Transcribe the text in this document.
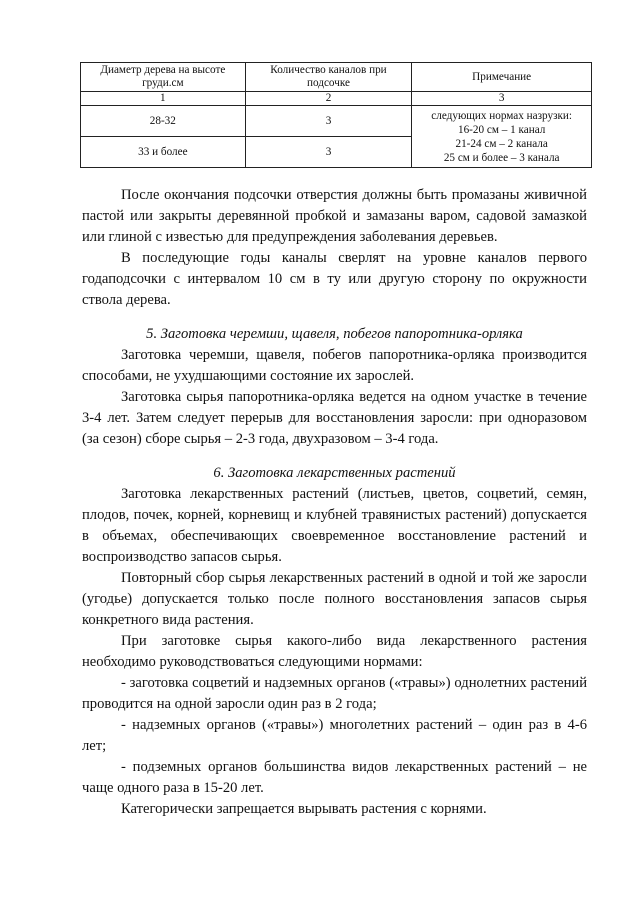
Диаметр дерева на высоте груди.см	Количество каналов при подсочке	Примечание
1	2	3
28-32	3	следующих нормах назрузки:
16-20 см – 1 канал
21-24 см – 2 канала
25 см и более – 3 канала

33 и более	3	

После окончания подсочки отверстия должны быть промазаны живичной пастой или закрыты деревянной пробкой и замазаны варом, садовой замазкой или глиной с известью для предупреждения заболевания деревьев.

В последующие годы каналы сверлят на уровне каналов первого годаподсочки с интервалом 10 см в ту или другую сторону по окружности ствола дерева.

5. Заготовка черемши, щавеля, побегов папоротника-орляка

Заготовка черемши, щавеля, побегов папоротника-орляка производится способами, не ухудшающими состояние их зарослей.

Заготовка сырья папоротника-орляка ведется на одном участке в течение 3-4 лет. Затем следует перерыв для восстановления заросли: при одноразовом (за сезон) сборе сырья – 2-3 года, двухразовом – 3-4 года.

6. Заготовка лекарственных растений

Заготовка лекарственных растений (листьев, цветов, соцветий, семян, плодов, почек, корней, корневищ и клубней травянистых растений) допускается в объемах, обеспечивающих своевременное восстановление растений и воспроизводство запасов сырья.

Повторный сбор сырья лекарственных растений в одной и той же заросли (угодье) допускается только после полного восстановления запасов сырья конкретного вида растения.

При заготовке сырья какого-либо вида лекарственного растения необходимо руководствоваться следующими нормами:

- заготовка соцветий и надземных органов («травы») однолетних растений проводится на одной заросли один раз в 2 года;

- надземных органов («травы») многолетних растений – один раз в 4-6 лет;

- подземных органов большинства видов лекарственных растений – не чаще одного раза в 15-20 лет.

Категорически запрещается вырывать растения с корнями.
